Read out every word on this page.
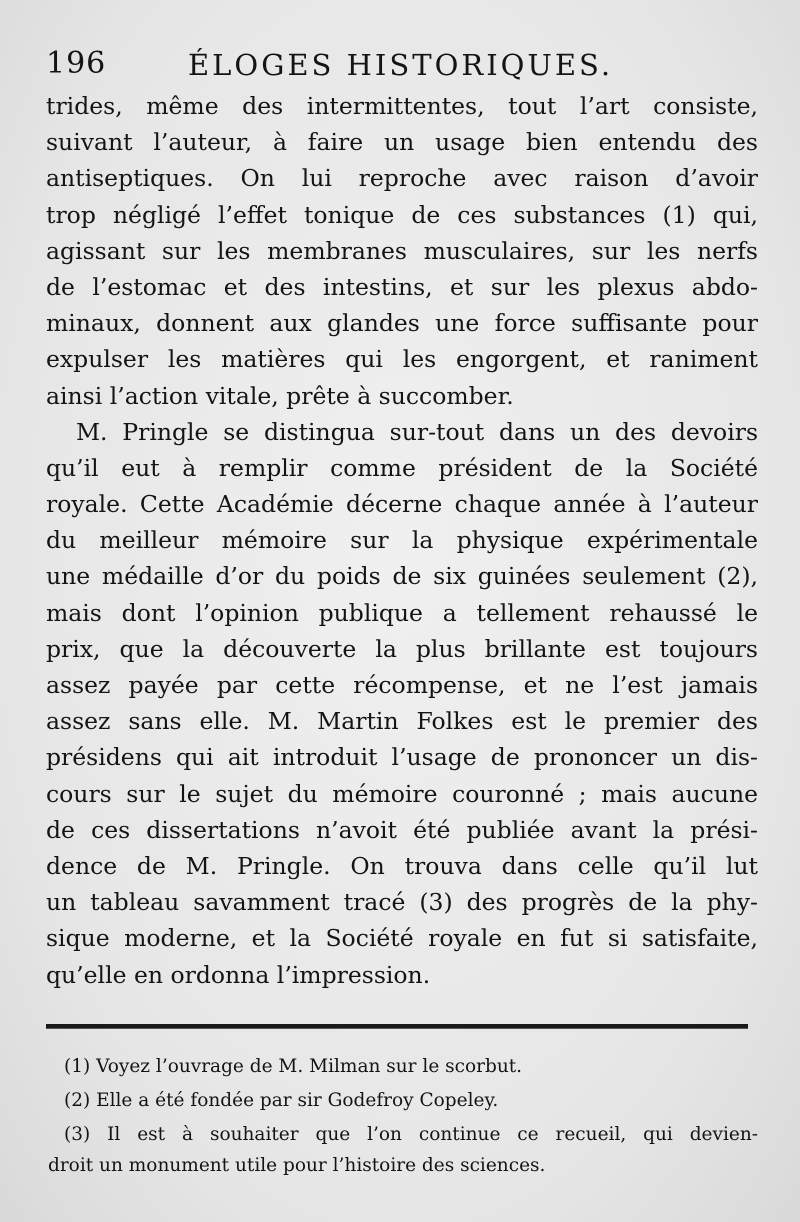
196	ÉLOGES HISTORIQUES.
trides, même des intermittentes, tout l’art consiste,
suivant l’auteur, à faire un usage bien entendu des
antiseptiques. On lui reproche avec raison d’avoir
trop négligé l’effet tonique de ces substances (1) qui,
agissant sur les membranes musculaires, sur les nerfs
de l’estomac et des intestins, et sur les plexus abdo-
minaux, donnent aux glandes une force suffisante pour
expulser les matières qui les engorgent, et raniment
ainsi l’action vitale, prête à succomber.
M. Pringle se distingua sur-tout dans un des devoirs
qu’il eut à remplir comme président de la Société
royale. Cette Académie décerne chaque année à l’auteur
du meilleur mémoire sur la physique expérimentale
une médaille d’or du poids de six guinées seulement (2),
mais dont l’opinion publique a tellement rehaussé le
prix, que la découverte la plus brillante est toujours
assez payée par cette récompense, et ne l’est jamais
assez sans elle. M. Martin Folkes est le premier des
présidens qui ait introduit l’usage de prononcer un dis-
cours sur le sujet du mémoire couronné ; mais aucune
de ces dissertations n’avoit été publiée avant la prési-
dence de M. Pringle. On trouva dans celle qu’il lut
un tableau savamment tracé (3) des progrès de la phy-
sique moderne, et la Société royale en fut si satisfaite,
qu’elle en ordonna l’impression.
(1) Voyez l’ouvrage de M. Milman sur le scorbut.
(2) Elle a été fondée par sir Godefroy Copeley.
(3) Il est à souhaiter que l’on continue ce recueil, qui devien-
droit un monument utile pour l’histoire des sciences.
